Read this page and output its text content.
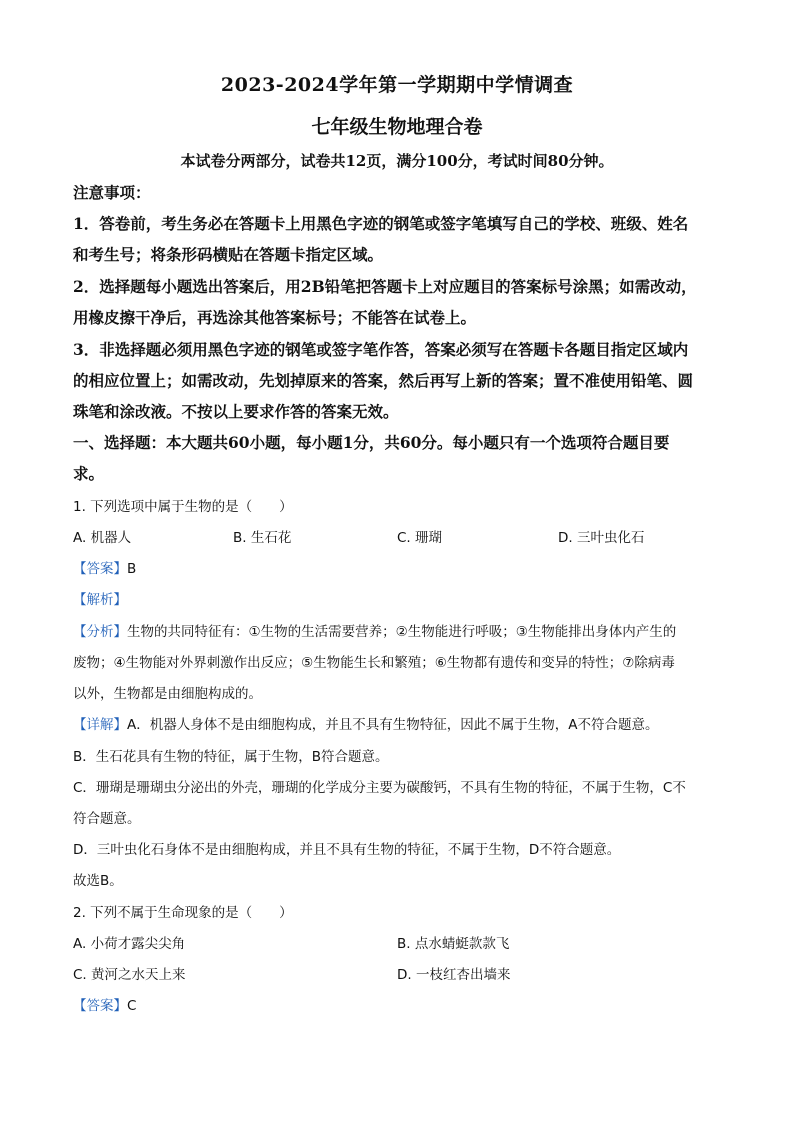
2023-2024学年第一学期期中学情调查
七年级生物地理合卷
本试卷分两部分，试卷共12页，满分100分，考试时间80分钟。
注意事项：
1．答卷前，考生务必在答题卡上用黑色字迹的钢笔或签字笔填写自己的学校、班级、姓名
和考生号；将条形码横贴在答题卡指定区域。
2．选择题每小题选出答案后，用2B铅笔把答题卡上对应题目的答案标号涂黑；如需改动，
用橡皮擦干净后，再选涂其他答案标号；不能答在试卷上。
3．非选择题必须用黑色字迹的钢笔或签字笔作答，答案必须写在答题卡各题目指定区域内
的相应位置上；如需改动，先划掉原来的答案，然后再写上新的答案；置不准使用铅笔、圆
珠笔和涂改液。不按以上要求作答的答案无效。
一、选择题：本大题共60小题，每小题1分，共60分。每小题只有一个选项符合题目要
求。
1. 下列选项中属于生物的是（　　）
A. 机器人	B. 生石花	C. 珊瑚	D. 三叶虫化石
【答案】B
【解析】
【分析】生物的共同特征有：①生物的生活需要营养；②生物能进行呼吸；③生物能排出身体内产生的
废物；④生物能对外界刺激作出反应；⑤生物能生长和繁殖；⑥生物都有遗传和变异的特性；⑦除病毒
以外，生物都是由细胞构成的。
【详解】A．机器人身体不是由细胞构成，并且不具有生物特征，因此不属于生物，A不符合题意。
B．生石花具有生物的特征，属于生物，B符合题意。
C．珊瑚是珊瑚虫分泌出的外壳，珊瑚的化学成分主要为碳酸钙，不具有生物的特征，不属于生物，C不
符合题意。
D．三叶虫化石身体不是由细胞构成，并且不具有生物的特征，不属于生物，D不符合题意。
故选B。
2. 下列不属于生命现象的是（　　）
A. 小荷才露尖尖角	B. 点水蜻蜓款款飞
C. 黄河之水天上来	D. 一枝红杏出墙来
【答案】C
